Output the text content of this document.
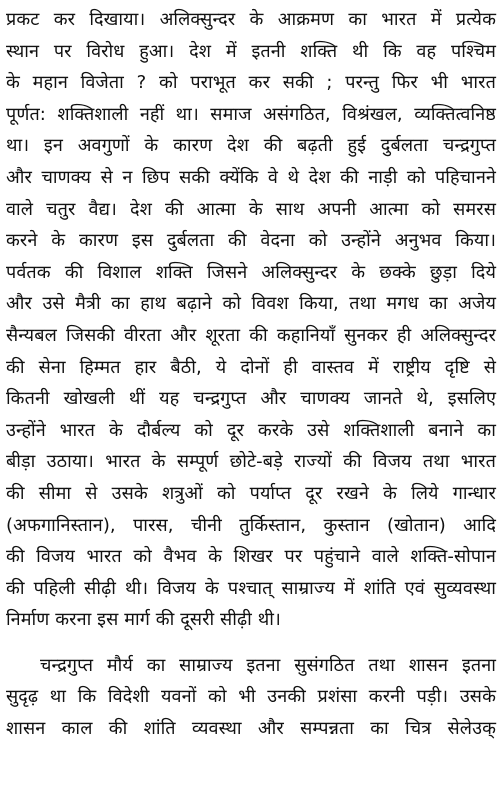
प्रकट कर दिखाया। अलिक्सुन्दर के आक्रमण का भारत में प्रत्येक
स्थान पर विरोध हुआ। देश में इतनी शक्ति थी कि वह पश्चिम
के महान विजेता ? को पराभूत कर सकी ; परन्तु फिर भी भारत
पूर्णत: शक्तिशाली नहीं था। समाज असंगठित, विश्रंखल, व्यक्तित्वनिष्ठ
था। इन अवगुणों के कारण देश की बढ़ती हुई दुर्बलता चन्द्रगुप्त
और चाणक्य से न छिप सकी क्येंकि वे थे देश की नाड़ी को पहिचानने
वाले चतुर वैद्य। देश की आत्मा के साथ अपनी आत्मा को समरस
करने के कारण इस दुर्बलता की वेदना को उन्होंने अनुभव किया।
पर्वतक की विशाल शक्ति जिसने अलिक्सुन्दर के छक्के छुड़ा दिये
और उसे मैत्री का हाथ बढ़ाने को विवश किया, तथा मगध का अजेय
सैन्यबल जिसकी वीरता और शूरता की कहानियाँ सुनकर ही अलिक्सुन्दर
की सेना हिम्मत हार बैठी, ये दोनों ही वास्तव में राष्ट्रीय दृष्टि से
कितनी खोखली थीं यह चन्द्रगुप्त और चाणक्य जानते थे, इसलिए
उन्होंने भारत के दौर्बल्य को दूर करके उसे शक्तिशाली बनाने का
बीड़ा उठाया। भारत के सम्पूर्ण छोटे-बड़े राज्यों की विजय तथा भारत
की सीमा से उसके शत्रुओं को पर्याप्त दूर रखने के लिये गान्धार
(अफगानिस्तान), पारस, चीनी तुर्किस्तान, कुस्तान (खोतान) आदि
की विजय भारत को वैभव के शिखर पर पहुंचाने वाले शक्ति-सोपान
की पहिली सीढ़ी थी। विजय के पश्चात् साम्राज्य में शांति एवं सुव्यवस्था
निर्माण करना इस मार्ग की दूसरी सीढ़ी थी।
चन्द्रगुप्त मौर्य का साम्राज्य इतना सुसंगठित तथा शासन इतना
सुदृढ़ था कि विदेशी यवनों को भी उनकी प्रशंसा करनी पड़ी। उसके
शासन काल की शांति व्यवस्था और सम्पन्नता का चित्र सेलेउक्
